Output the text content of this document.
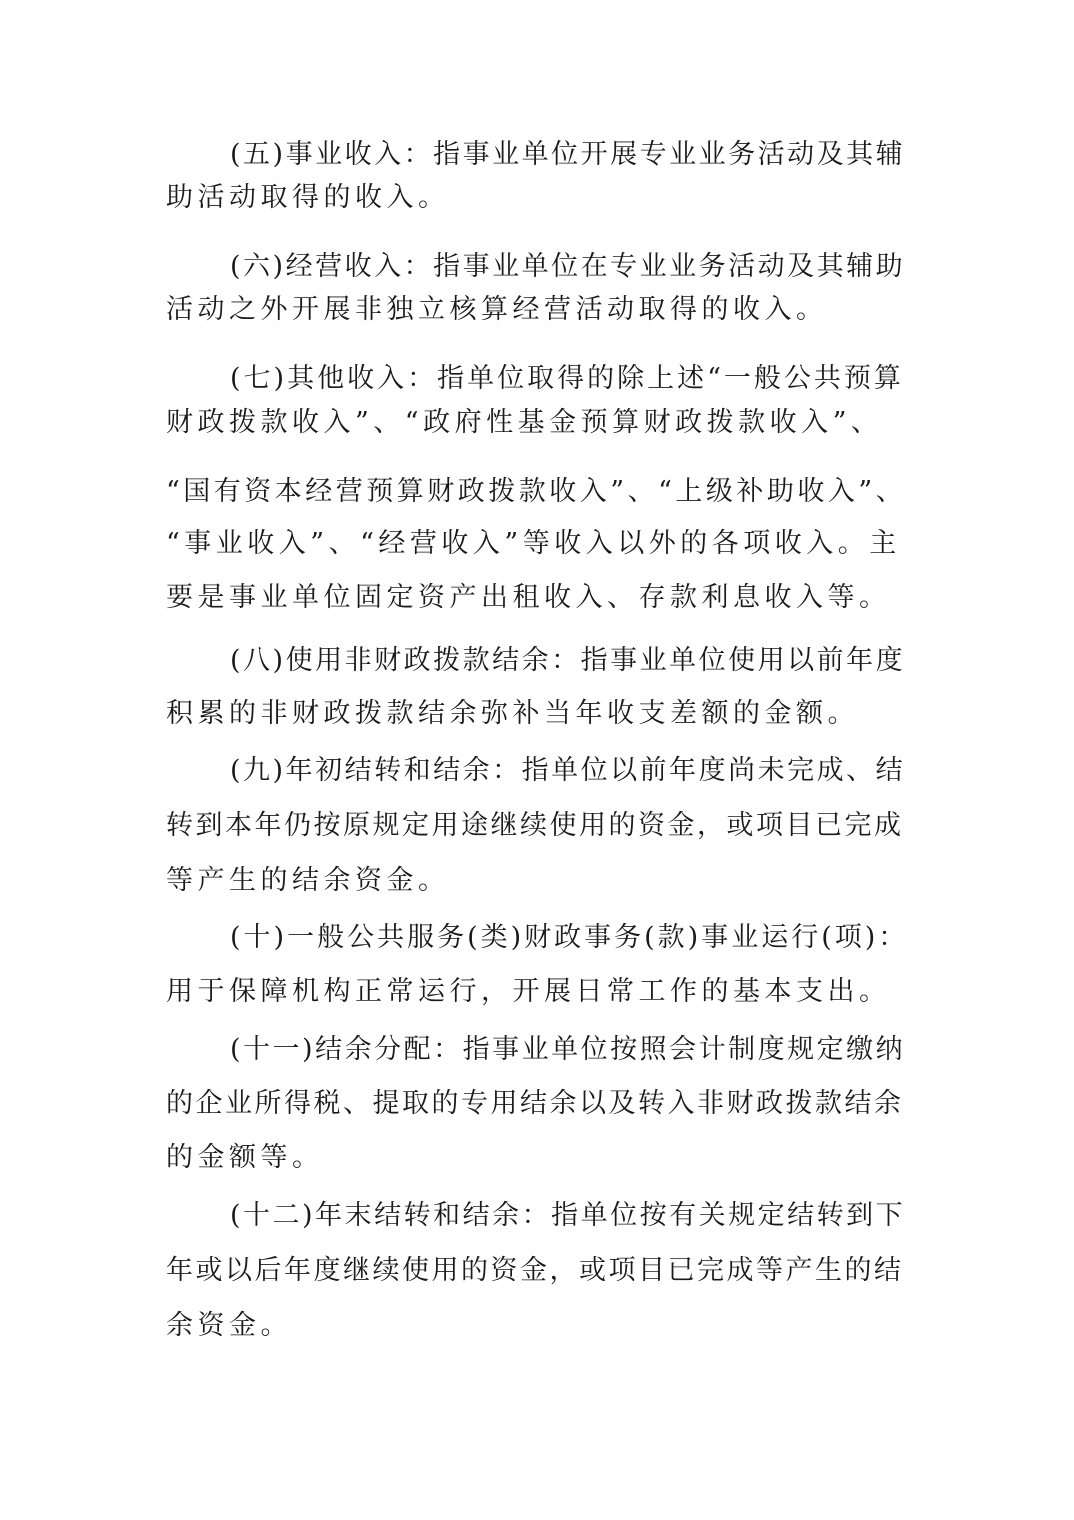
(五)事业收入：指事业单位开展专业业务活动及其辅
助活动取得的收入。
(六)经营收入：指事业单位在专业业务活动及其辅助
活动之外开展非独立核算经营活动取得的收入。
(七)其他收入：指单位取得的除上述“一般公共预算
财政拨款收入”、“政府性基金预算财政拨款收入”、
“国有资本经营预算财政拨款收入”、“上级补助收入”、
“事业收入”、“经营收入”等收入以外的各项收入。主
要是事业单位固定资产出租收入、存款利息收入等。
(八)使用非财政拨款结余：指事业单位使用以前年度
积累的非财政拨款结余弥补当年收支差额的金额。
(九)年初结转和结余：指单位以前年度尚未完成、结
转到本年仍按原规定用途继续使用的资金，或项目已完成
等产生的结余资金。
(十)一般公共服务(类)财政事务(款)事业运行(项)：
用于保障机构正常运行，开展日常工作的基本支出。
(十一)结余分配：指事业单位按照会计制度规定缴纳
的企业所得税、提取的专用结余以及转入非财政拨款结余
的金额等。
(十二)年末结转和结余：指单位按有关规定结转到下
年或以后年度继续使用的资金，或项目已完成等产生的结
余资金。
